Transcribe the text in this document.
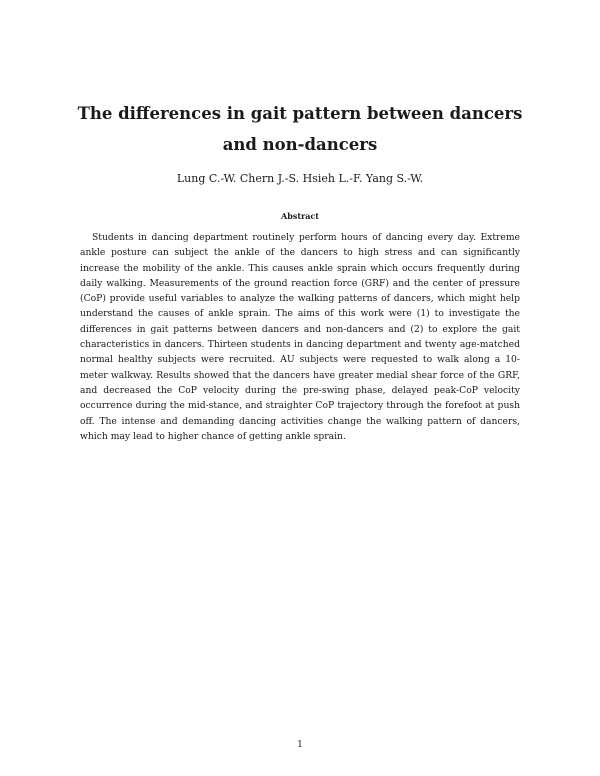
The differences in gait pattern between dancers and non-dancers

Lung C.-W. Chern J.-S. Hsieh L.-F. Yang S.-W.

Abstract

Students in dancing department routinely perform hours of dancing every day. Extreme ankle posture can subject the ankle of the dancers to high stress and can significantly increase the mobility of the ankle. This causes ankle sprain which occurs frequently during daily walking. Measurements of the ground reaction force (GRF) and the center of pressure (CoP) provide useful variables to analyze the walking patterns of dancers, which might help understand the causes of ankle sprain. The aims of this work were (1) to investigate the differences in gait patterns between dancers and non-dancers and (2) to explore the gait characteristics in dancers. Thirteen students in dancing department and twenty age-matched normal healthy subjects were recruited. AU subjects were requested to walk along a 10-meter walkway. Results showed that the dancers have greater medial shear force of the GRF, and decreased the CoP velocity during the pre-swing phase, delayed peak-CoP velocity occurrence during the mid-stance, and straighter CoP trajectory through the forefoot at push off. The intense and demanding dancing activities change the walking pattern of dancers, which may lead to higher chance of getting ankle sprain.

1
